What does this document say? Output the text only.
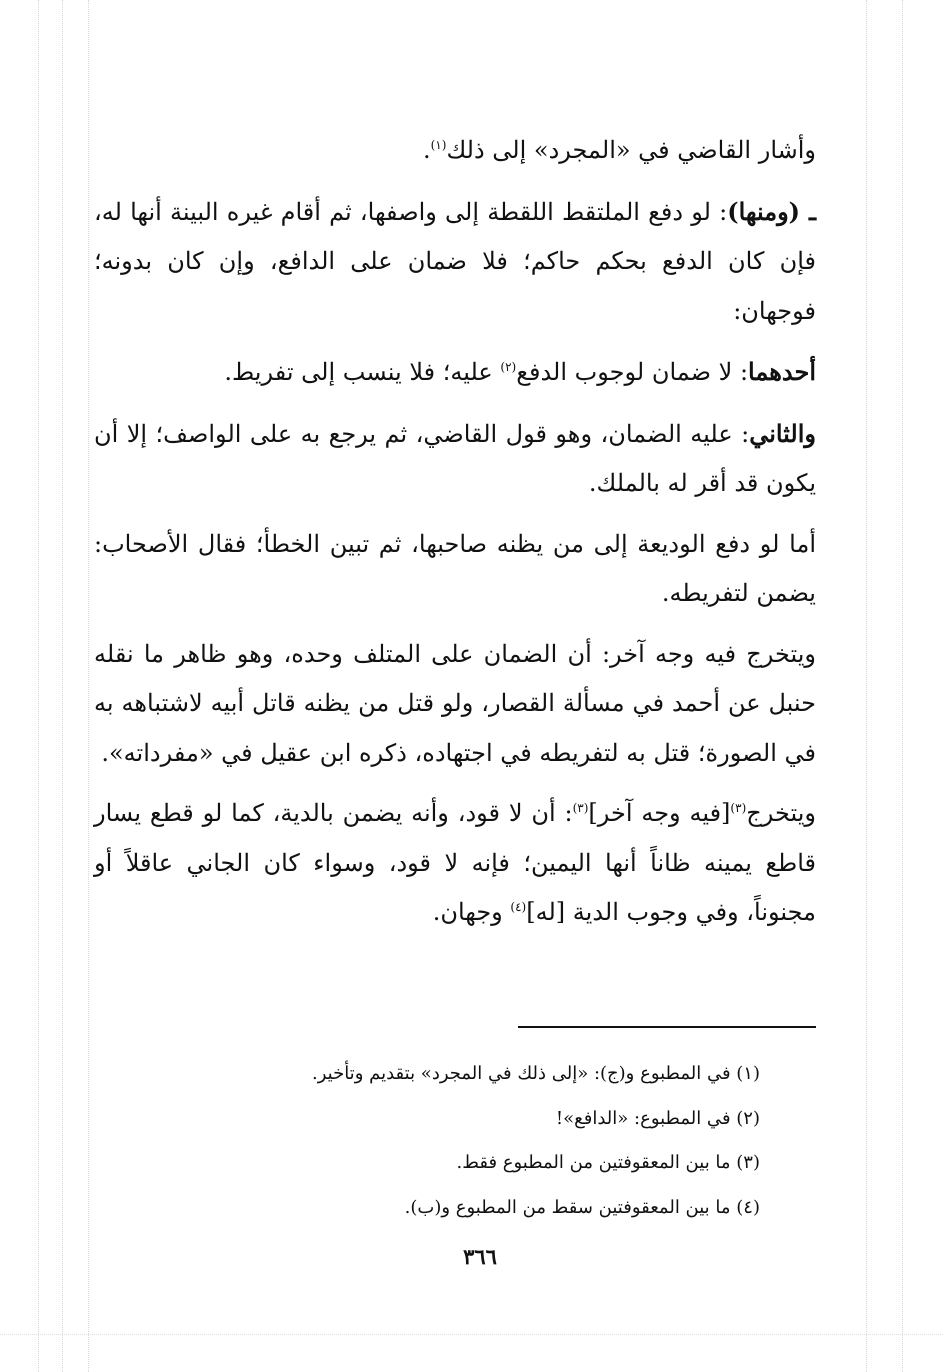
وأشار القاضي في «المجرد» إلى ذلك$^{(١)}$.

ـ (ومنها): لو دفع الملتقط اللقطة إلى واصفها، ثم أقام غيره البينة أنها له، فإن كان الدفع بحكم حاكم؛ فلا ضمان على الدافع، وإن كان بدونه؛ فوجهان:

أحدهما: لا ضمان لوجوب الدفع$^{(٢)}$ عليه؛ فلا ينسب إلى تفريط.

والثاني: عليه الضمان، وهو قول القاضي، ثم يرجع به على الواصف؛ إلا أن يكون قد أقر له بالملك.

أما لو دفع الوديعة إلى من يظنه صاحبها، ثم تبين الخطأ؛ فقال الأصحاب: يضمن لتفريطه.

ويتخرج فيه وجه آخر: أن الضمان على المتلف وحده، وهو ظاهر ما نقله حنبل عن أحمد في مسألة القصار، ولو قتل من يظنه قاتل أبيه لاشتباهه به في الصورة؛ قتل به لتفريطه في اجتهاده، ذكره ابن عقيل في «مفرداته».

ويتخرج$^{(٣)}$[فيه وجه آخر]$^{(٣)}$: أن لا قود، وأنه يضمن بالدية، كما لو قطع يسار قاطع يمينه ظاناً أنها اليمين؛ فإنه لا قود، وسواء كان الجاني عاقلاً أو مجنوناً، وفي وجوب الدية [له]$^{(٤)}$ وجهان.

(١) في المطبوع و(ج): «إلى ذلك في المجرد» بتقديم وتأخير.
(٢) في المطبوع: «الدافع»!
(٣) ما بين المعقوفتين من المطبوع فقط.
(٤) ما بين المعقوفتين سقط من المطبوع و(ب).
٣٦٦
